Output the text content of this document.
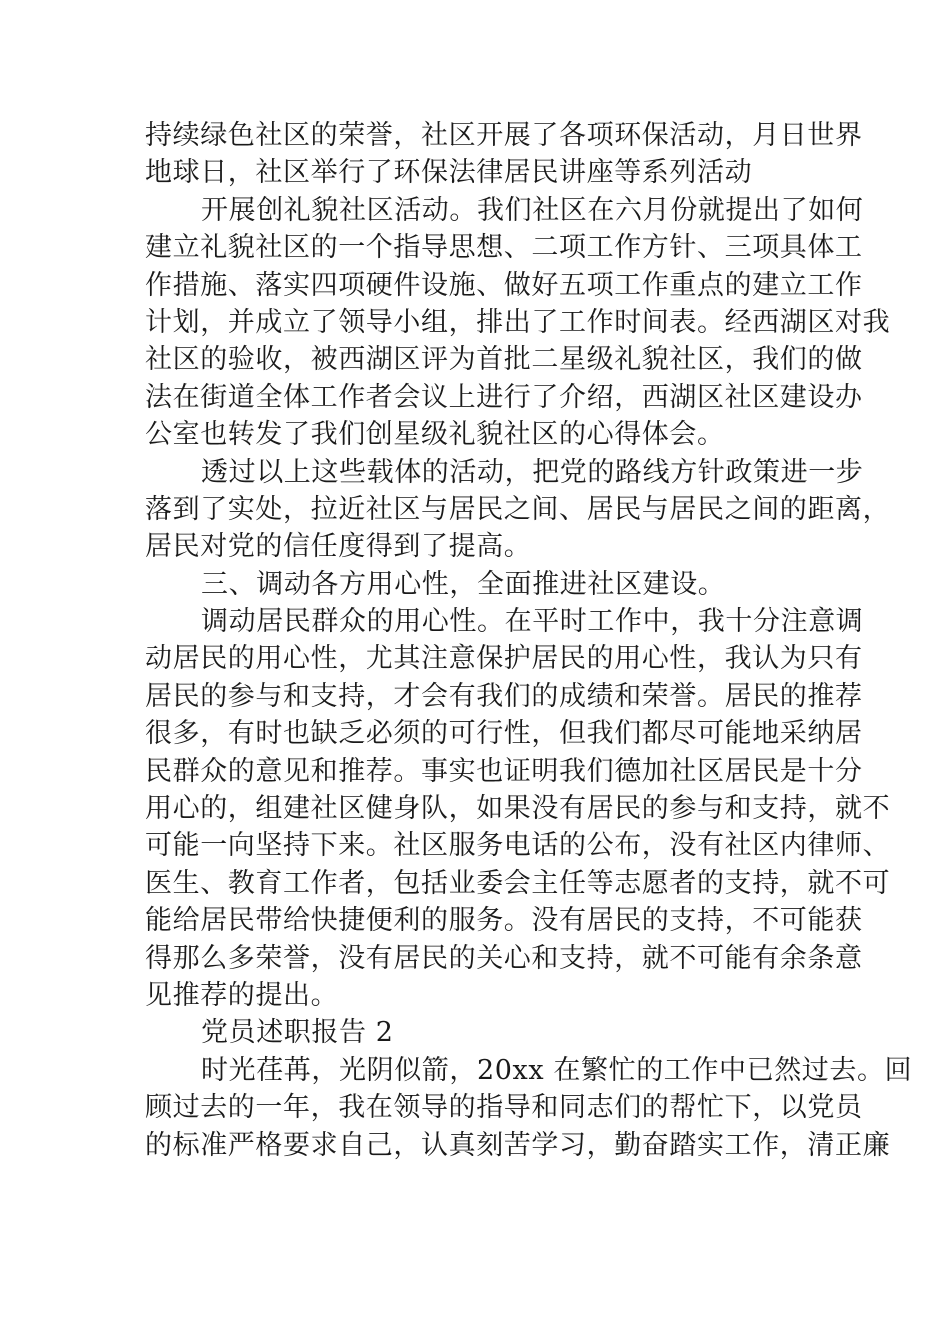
持续绿色社区的荣誉，社区开展了各项环保活动，月日世界
地球日，社区举行了环保法律居民讲座等系列活动
开展创礼貌社区活动。我们社区在六月份就提出了如何
建立礼貌社区的一个指导思想、二项工作方针、三项具体工
作措施、落实四项硬件设施、做好五项工作重点的建立工作
计划，并成立了领导小组，排出了工作时间表。经西湖区对我
社区的验收，被西湖区评为首批二星级礼貌社区，我们的做
法在街道全体工作者会议上进行了介绍，西湖区社区建设办
公室也转发了我们创星级礼貌社区的心得体会。
透过以上这些载体的活动，把党的路线方针政策进一步
落到了实处，拉近社区与居民之间、居民与居民之间的距离，
居民对党的信任度得到了提高。
三、调动各方用心性，全面推进社区建设。
调动居民群众的用心性。在平时工作中，我十分注意调
动居民的用心性，尤其注意保护居民的用心性，我认为只有
居民的参与和支持，才会有我们的成绩和荣誉。居民的推荐
很多，有时也缺乏必须的可行性，但我们都尽可能地采纳居
民群众的意见和推荐。事实也证明我们德加社区居民是十分
用心的，组建社区健身队，如果没有居民的参与和支持，就不
可能一向坚持下来。社区服务电话的公布，没有社区内律师、
医生、教育工作者，包括业委会主任等志愿者的支持，就不可
能给居民带给快捷便利的服务。没有居民的支持，不可能获
得那么多荣誉，没有居民的关心和支持，就不可能有余条意
见推荐的提出。
党员述职报告 2
时光荏苒，光阴似箭，20xx 在繁忙的工作中已然过去。回
顾过去的一年，我在领导的指导和同志们的帮忙下，以党员
的标准严格要求自己，认真刻苦学习，勤奋踏实工作，清正廉
